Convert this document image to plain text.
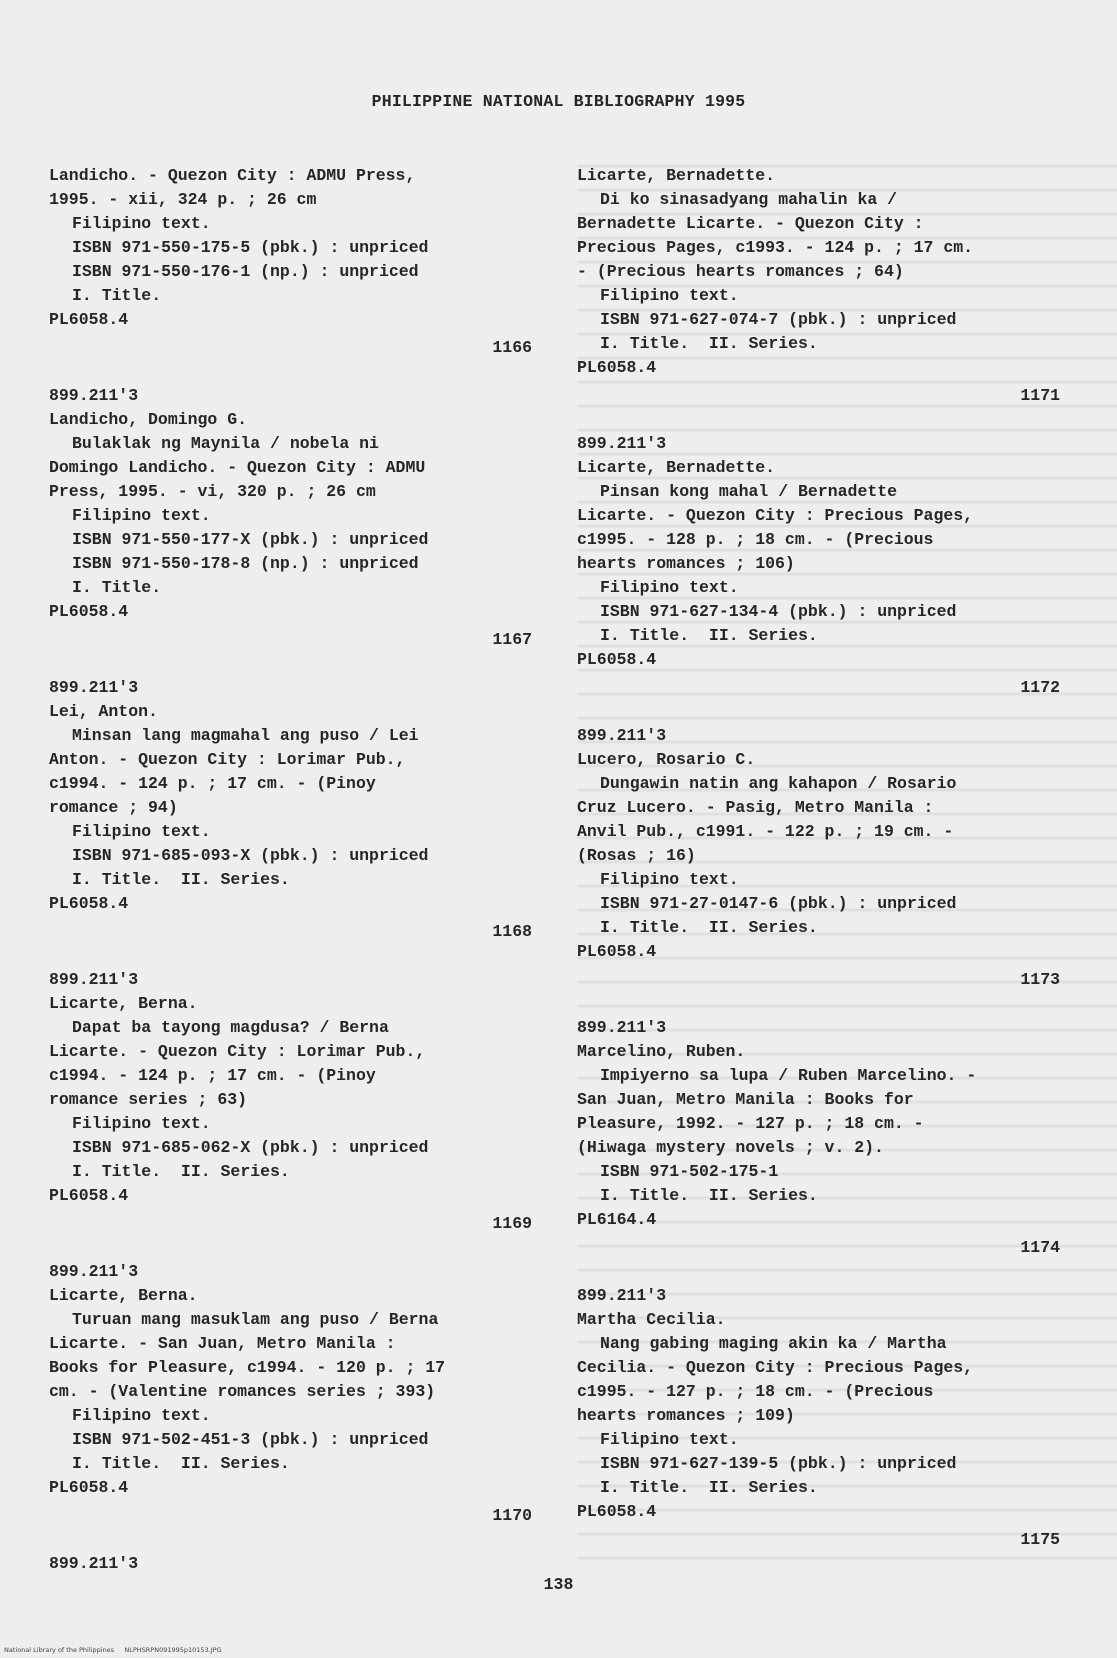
PHILIPPINE NATIONAL BIBLIOGRAPHY 1995
Landicho. - Quezon City : ADMU Press,
1995. - xii, 324 p. ; 26 cm
Filipino text.
ISBN 971-550-175-5 (pbk.) : unpriced
ISBN 971-550-176-1 (np.) : unpriced
I. Title.
PL6058.4
1166
899.211'3
Landicho, Domingo G.
Bulaklak ng Maynila / nobela ni
Domingo Landicho. - Quezon City : ADMU
Press, 1995. - vi, 320 p. ; 26 cm
Filipino text.
ISBN 971-550-177-X (pbk.) : unpriced
ISBN 971-550-178-8 (np.) : unpriced
I. Title.
PL6058.4
1167
899.211'3
Lei, Anton.
Minsan lang magmahal ang puso / Lei
Anton. - Quezon City : Lorimar Pub.,
c1994. - 124 p. ; 17 cm. - (Pinoy
romance ; 94)
Filipino text.
ISBN 971-685-093-X (pbk.) : unpriced
I. Title.  II. Series.
PL6058.4
1168
899.211'3
Licarte, Berna.
Dapat ba tayong magdusa? / Berna
Licarte. - Quezon City : Lorimar Pub.,
c1994. - 124 p. ; 17 cm. - (Pinoy
romance series ; 63)
Filipino text.
ISBN 971-685-062-X (pbk.) : unpriced
I. Title.  II. Series.
PL6058.4
1169
899.211'3
Licarte, Berna.
Turuan mang masuklam ang puso / Berna
Licarte. - San Juan, Metro Manila :
Books for Pleasure, c1994. - 120 p. ; 17
cm. - (Valentine romances series ; 393)
Filipino text.
ISBN 971-502-451-3 (pbk.) : unpriced
I. Title.  II. Series.
PL6058.4
1170
899.211'3
Licarte, Bernadette.
Di ko sinasadyang mahalin ka /
Bernadette Licarte. - Quezon City :
Precious Pages, c1993. - 124 p. ; 17 cm.
- (Precious hearts romances ; 64)
Filipino text.
ISBN 971-627-074-7 (pbk.) : unpriced
I. Title.  II. Series.
PL6058.4
1171
899.211'3
Licarte, Bernadette.
Pinsan kong mahal / Bernadette
Licarte. - Quezon City : Precious Pages,
c1995. - 128 p. ; 18 cm. - (Precious
hearts romances ; 106)
Filipino text.
ISBN 971-627-134-4 (pbk.) : unpriced
I. Title.  II. Series.
PL6058.4
1172
899.211'3
Lucero, Rosario C.
Dungawin natin ang kahapon / Rosario
Cruz Lucero. - Pasig, Metro Manila :
Anvil Pub., c1991. - 122 p. ; 19 cm. -
(Rosas ; 16)
Filipino text.
ISBN 971-27-0147-6 (pbk.) : unpriced
I. Title.  II. Series.
PL6058.4
1173
899.211'3
Marcelino, Ruben.
Impiyerno sa lupa / Ruben Marcelino. -
San Juan, Metro Manila : Books for
Pleasure, 1992. - 127 p. ; 18 cm. -
(Hiwaga mystery novels ; v. 2).
ISBN 971-502-175-1
I. Title.  II. Series.
PL6164.4
1174
899.211'3
Martha Cecilia.
Nang gabing maging akin ka / Martha
Cecilia. - Quezon City : Precious Pages,
c1995. - 127 p. ; 18 cm. - (Precious
hearts romances ; 109)
Filipino text.
ISBN 971-627-139-5 (pbk.) : unpriced
I. Title.  II. Series.
PL6058.4
1175
138
National Library of the Philippines     NLPHSRPN091995p10153.JPG
